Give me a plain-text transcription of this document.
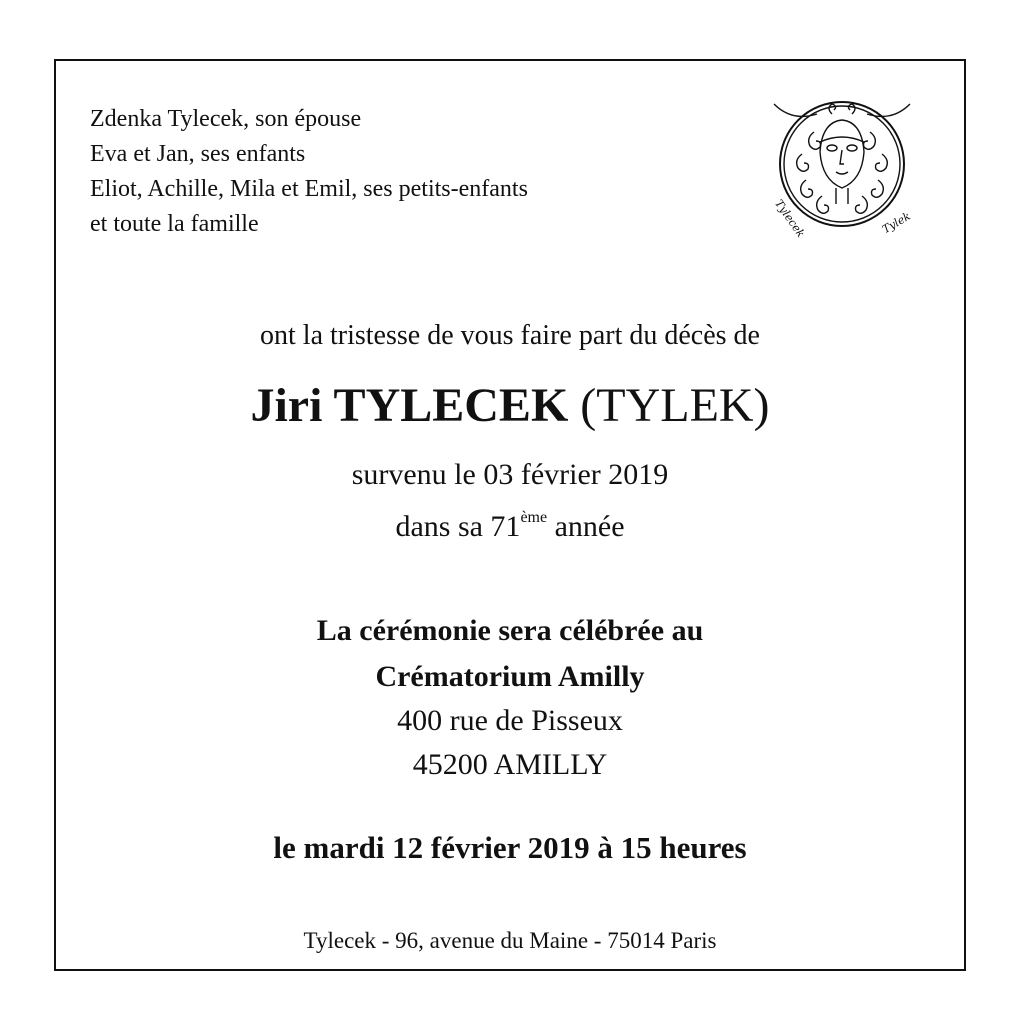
Zdenka Tylecek, son épouse
Eva et Jan, ses enfants
Eliot, Achille, Mila et Emil, ses petits-enfants
et toute la famille	Tylecek	Tylek
ont la tristesse de vous faire part du décès de
Jiri TYLECEK (TYLEK)
survenu le 03 février 2019
dans sa 71ème année
La cérémonie sera célébrée au
Crématorium Amilly
400 rue de Pisseux
45200 AMILLY
le mardi 12 février 2019 à 15 heures
Tylecek - 96, avenue du Maine - 75014 Paris
